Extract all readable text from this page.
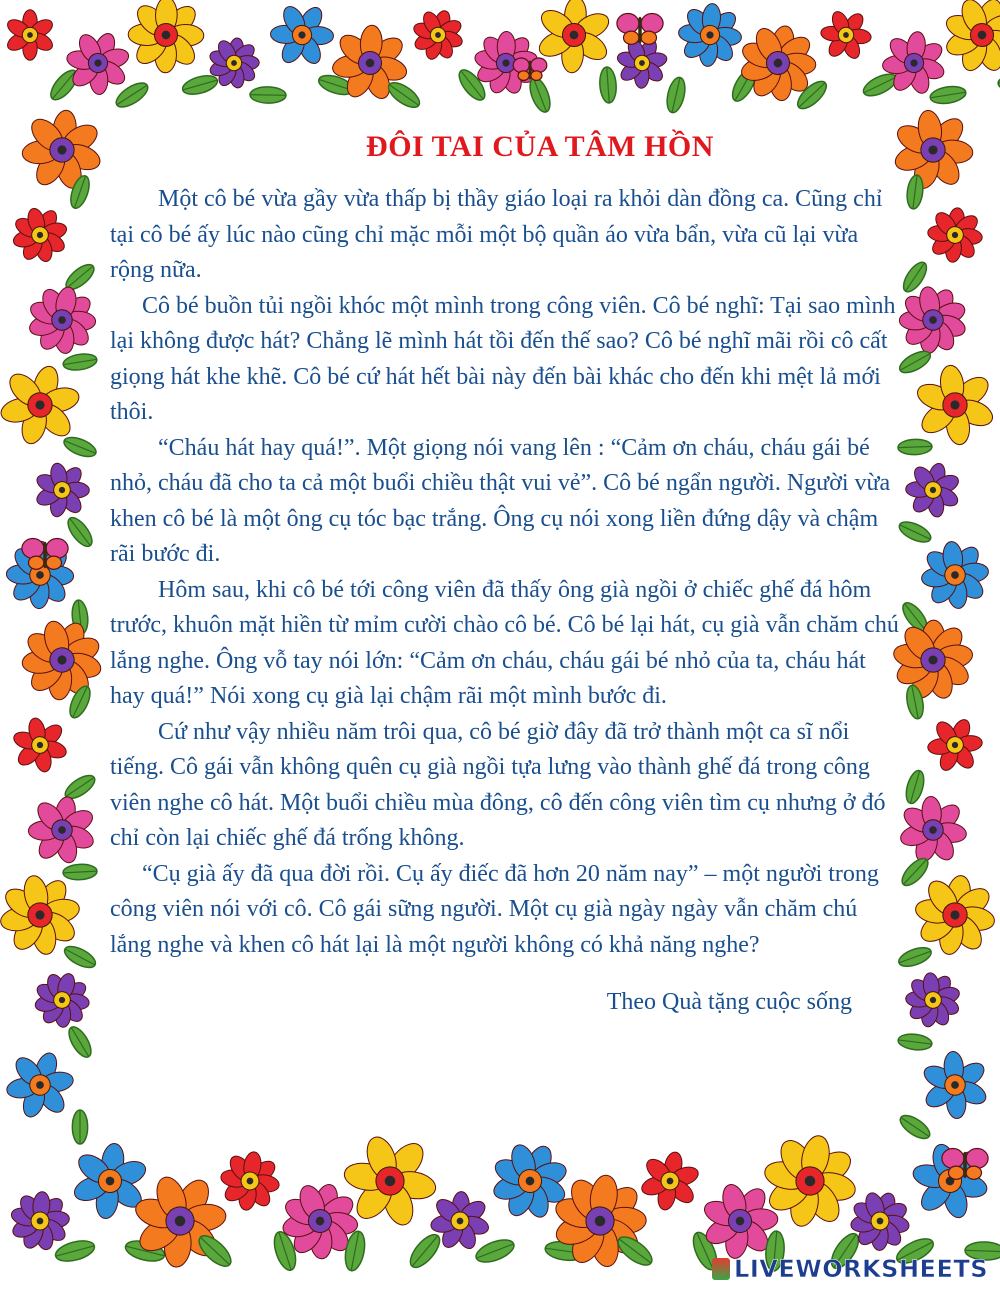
ĐÔI TAI CỦA TÂM HỒN

Một cô bé vừa gầy vừa thấp bị thầy giáo loại ra khỏi dàn đồng ca. Cũng chỉ tại cô bé ấy lúc nào cũng chỉ mặc mỗi một bộ quần áo vừa bẩn, vừa cũ lại vừa rộng nữa.

Cô bé buồn tủi ngồi khóc một mình trong công viên. Cô bé nghĩ: Tại sao mình lại không được hát? Chẳng lẽ mình hát tồi đến thế sao? Cô bé nghĩ mãi rồi cô cất giọng hát khe khẽ. Cô bé cứ hát hết bài này đến bài khác cho đến khi mệt lả mới thôi.

“Cháu hát hay quá!”. Một giọng nói vang lên : “Cảm ơn cháu, cháu gái bé nhỏ, cháu đã cho ta cả một buổi chiều thật vui vẻ”. Cô bé ngẩn người. Người vừa khen cô bé là một ông cụ tóc bạc trắng. Ông cụ nói xong liền đứng dậy và chậm rãi bước đi.

Hôm sau, khi cô bé tới công viên đã thấy ông già ngồi ở chiếc ghế đá hôm trước, khuôn mặt hiền từ mỉm cười chào cô bé. Cô bé lại hát, cụ già vẫn chăm chú lắng nghe. Ông vỗ tay nói lớn: “Cảm ơn cháu, cháu gái bé nhỏ của ta, cháu hát hay quá!” Nói xong cụ già lại chậm rãi một mình bước đi.

Cứ như vậy nhiều năm trôi qua, cô bé giờ đây đã trở thành một ca sĩ nổi tiếng. Cô gái vẫn không quên cụ già ngồi tựa lưng vào thành ghế đá trong công viên nghe cô hát. Một buổi chiều mùa đông, cô đến công viên tìm cụ nhưng ở đó chỉ còn lại chiếc ghế đá trống không.

“Cụ già ấy đã qua đời rồi. Cụ ấy điếc đã hơn 20 năm nay” – một người trong công viên nói với cô. Cô gái sững người. Một cụ già ngày ngày vẫn chăm chú lắng nghe và khen cô hát lại là một người không có khả năng nghe?

Theo Quà tặng cuộc sống
LIVEWORKSHEETS
